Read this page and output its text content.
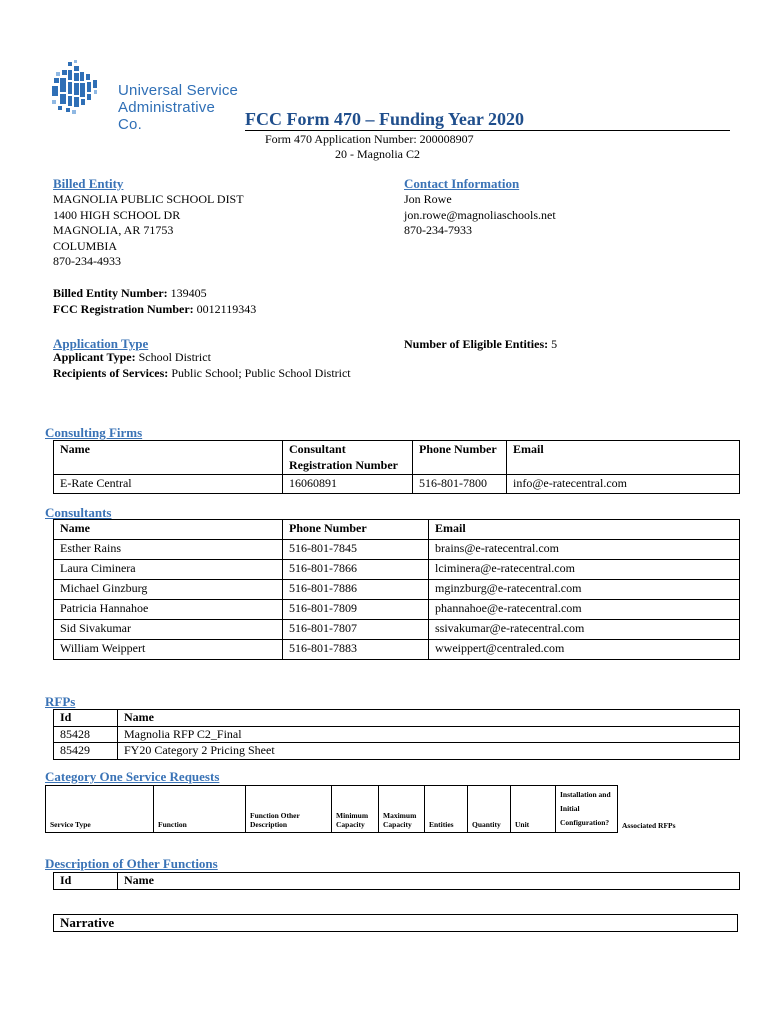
Universal Service
Administrative Co.	FCC Form 470 – Funding Year 2020
Form 470 Application Number: 200008907
20 - Magnolia C2
Billed Entity
MAGNOLIA PUBLIC SCHOOL DIST
1400 HIGH SCHOOL DR
MAGNOLIA, AR 71753
COLUMBIA
870-234-4933
Contact Information
Jon Rowe
jon.rowe@magnoliaschools.net
870-234-7933
Billed Entity Number: 139405
FCC Registration Number: 0012119343
Application Type
Applicant Type: School District
Recipients of Services: Public School; Public School District
Number of Eligible Entities: 5
Consulting Firms
Name	Consultant Registration Number	Phone Number	Email
E-Rate Central	16060891	516-801-7800	info@e-ratecentral.com
Consultants
Name	Phone Number	Email
Esther Rains	516-801-7845	brains@e-ratecentral.com
Laura Ciminera	516-801-7866	lciminera@e-ratecentral.com
Michael Ginzburg	516-801-7886	mginzburg@e-ratecentral.com
Patricia Hannahoe	516-801-7809	phannahoe@e-ratecentral.com
Sid Sivakumar	516-801-7807	ssivakumar@e-ratecentral.com
William Weippert	516-801-7883	wweippert@centraled.com
RFPs
Id	Name
85428	Magnolia RFP C2_Final
85429	FY20 Category 2 Pricing Sheet
Category One Service Requests
Service Type	Function	Function Other Description	Minimum Capacity	Maximum Capacity	Entities	Quantity	Unit	Installation and Initial Configuration?	Associated RFPs
Description of Other Functions
Id	Name
Narrative
